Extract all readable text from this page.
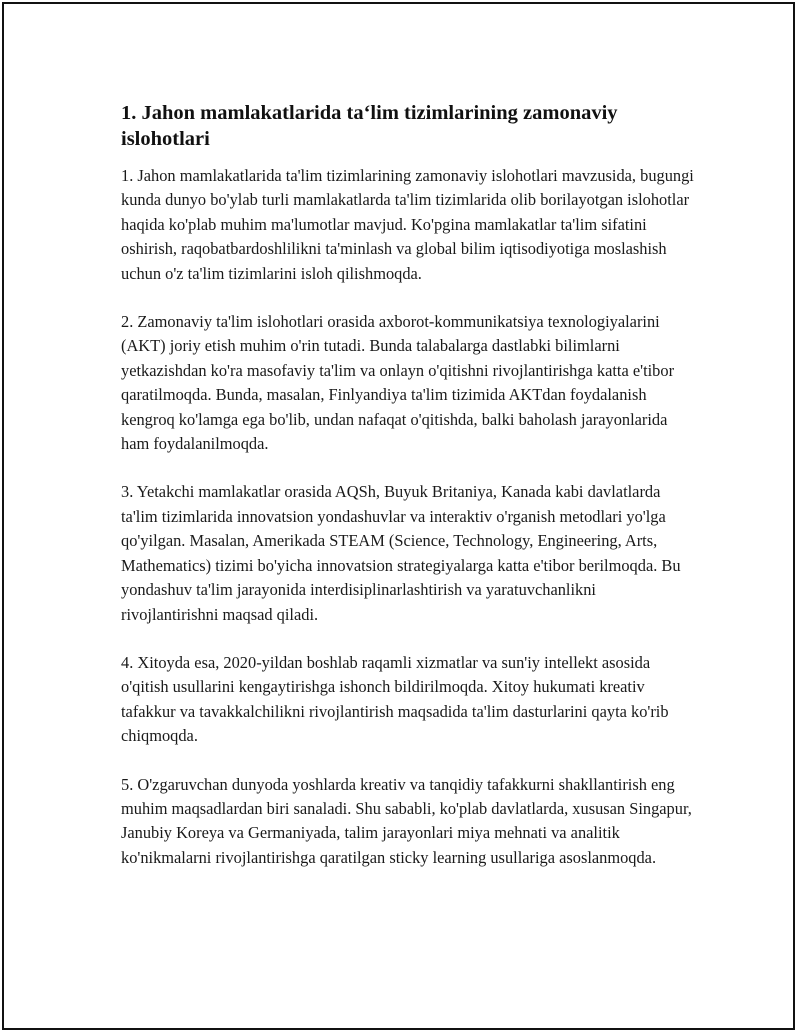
1. Jahon mamlakatlarida taʻlim tizimlarining zamonaviy islohotlari

1. Jahon mamlakatlarida ta'lim tizimlarining zamonaviy islohotlari mavzusida, bugungi kunda dunyo bo'ylab turli mamlakatlarda ta'lim tizimlarida olib borilayotgan islohotlar haqida ko'plab muhim ma'lumotlar mavjud. Ko'pgina mamlakatlar ta'lim sifatini oshirish, raqobatbardoshlilikni ta'minlash va global bilim iqtisodiyotiga moslashish uchun o'z ta'lim tizimlarini isloh qilishmoqda.

2. Zamonaviy ta'lim islohotlari orasida axborot-kommunikatsiya texnologiyalarini (AKT) joriy etish muhim o'rin tutadi. Bunda talabalarga dastlabki bilimlarni yetkazishdan ko'ra masofaviy ta'lim va onlayn o'qitishni rivojlantirishga katta e'tibor qaratilmoqda. Bunda, masalan, Finlyandiya ta'lim tizimida AKTdan foydalanish kengroq ko'lamga ega bo'lib, undan nafaqat o'qitishda, balki baholash jarayonlarida ham foydalanilmoqda.

3. Yetakchi mamlakatlar orasida AQSh, Buyuk Britaniya, Kanada kabi davlatlarda ta'lim tizimlarida innovatsion yondashuvlar va interaktiv o'rganish metodlari yo'lga qo'yilgan. Masalan, Amerikada STEAM (Science, Technology, Engineering, Arts, Mathematics) tizimi bo'yicha innovatsion strategiyalarga katta e'tibor berilmoqda. Bu yondashuv ta'lim jarayonida interdisiplinarlashtirish va yaratuvchanlikni rivojlantirishni maqsad qiladi.

4. Xitoyda esa, 2020-yildan boshlab raqamli xizmatlar va sun'iy intellekt asosida o'qitish usullarini kengaytirishga ishonch bildirilmoqda. Xitoy hukumati kreativ tafakkur va tavakkalchilikni rivojlantirish maqsadida ta'lim dasturlarini qayta ko'rib chiqmoqda.

5. O'zgaruvchan dunyoda yoshlarda kreativ va tanqidiy tafakkurni shakllantirish eng muhim maqsadlardan biri sanaladi. Shu sababli, ko'plab davlatlarda, xususan Singapur, Janubiy Koreya va Germaniyada, talim jarayonlari miya mehnati va analitik ko'nikmalarni rivojlantirishga qaratilgan sticky learning usullariga asoslanmoqda.
